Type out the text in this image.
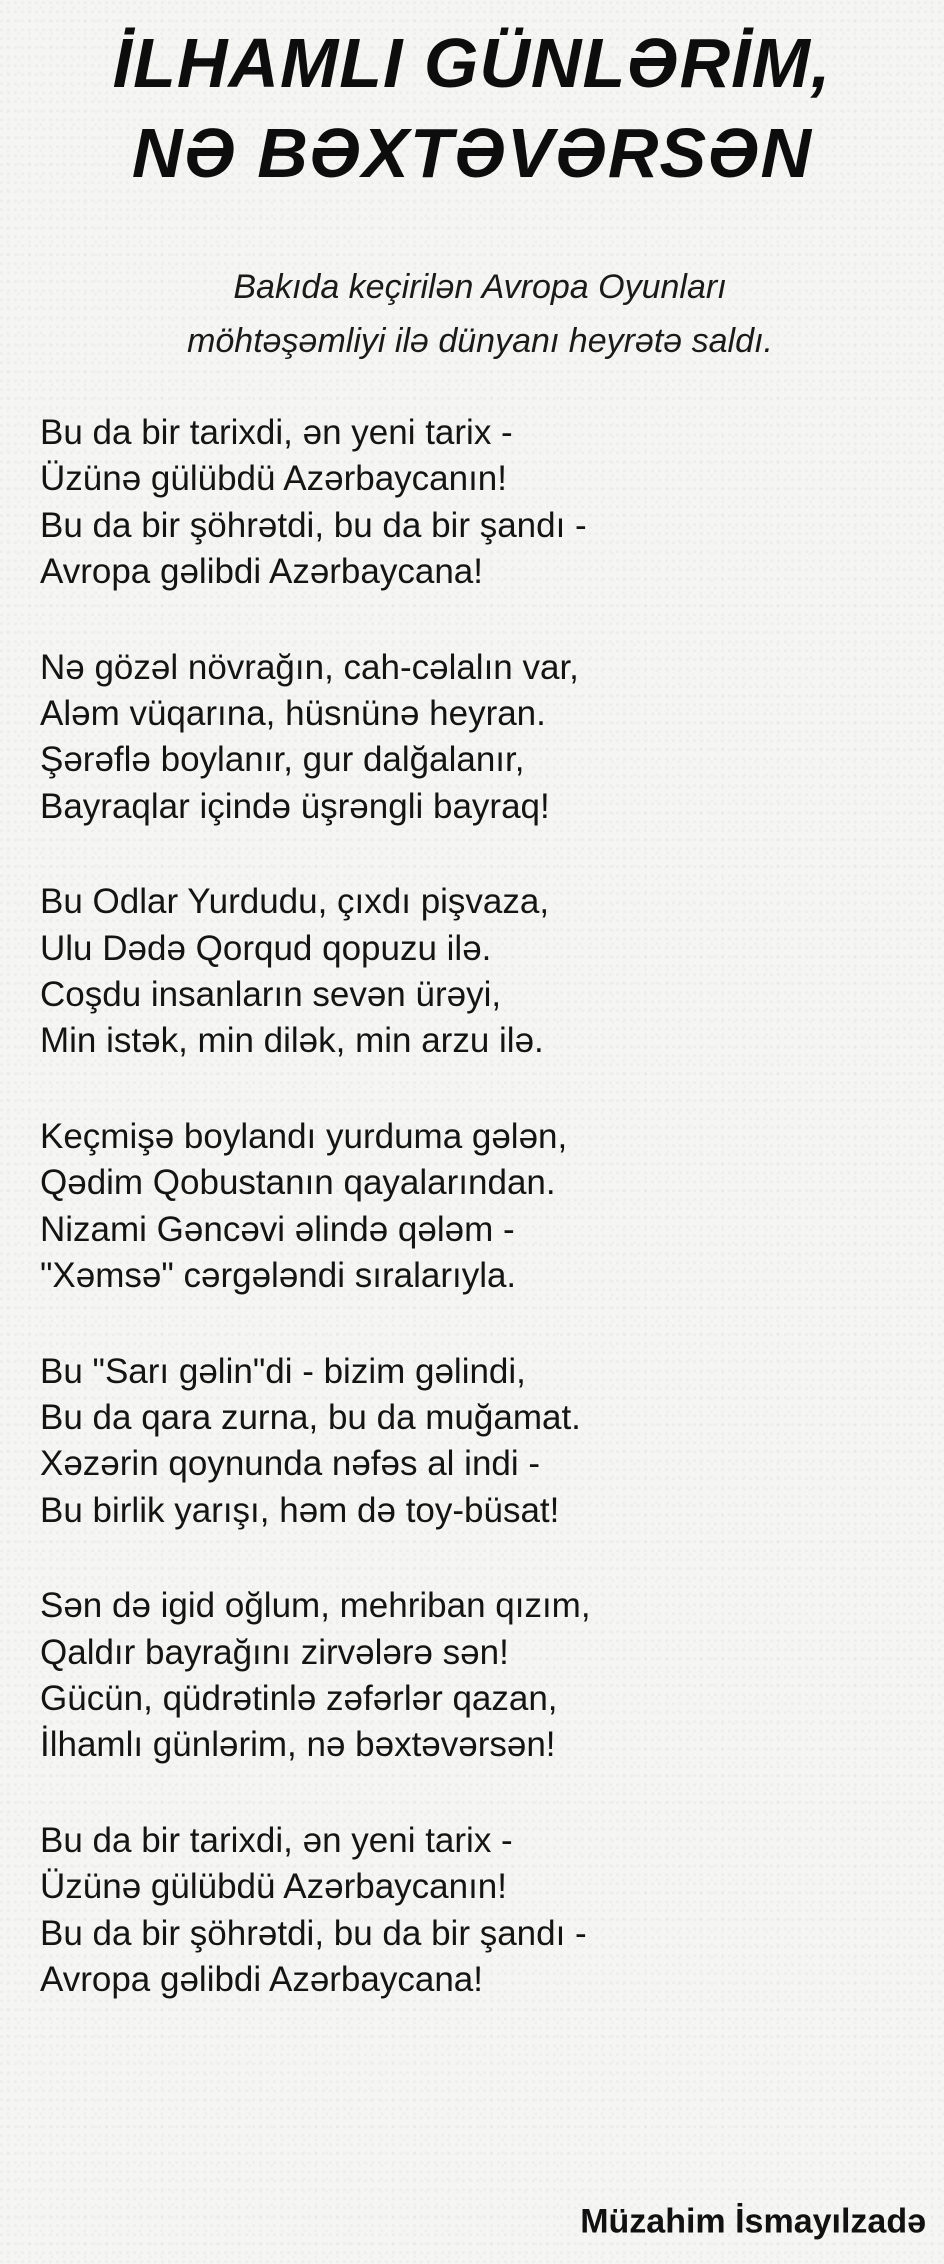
İLHAMLI GÜNLƏRİM,
NƏ BƏXTƏVƏRSƏN
Bakıda keçirilən Avropa Oyunları
möhtəşəmliyi ilə dünyanı heyrətə saldı.
Bu da bir tarixdi, ən yeni tarix -
Üzünə gülübdü Azərbaycanın!
Bu da bir şöhrətdi, bu da bir şandı -
Avropa gəlibdi Azərbaycana!
Nə gözəl növrağın, cah-cəlalın var,
Aləm vüqarına, hüsnünə heyran.
Şərəflə boylanır, gur dalğalanır,
Bayraqlar içində üşrəngli bayraq!
Bu Odlar Yurdudu, çıxdı pişvaza,
Ulu Dədə Qorqud qopuzu ilə.
Coşdu insanların sevən ürəyi,
Min istək, min dilək, min arzu ilə.
Keçmişə boylandı yurduma gələn,
Qədim Qobustanın qayalarından.
Nizami Gəncəvi əlində qələm -
"Xəmsə" cərgələndi sıralarıyla.
Bu "Sarı gəlin"di - bizim gəlindi,
Bu da qara zurna, bu da muğamat.
Xəzərin qoynunda nəfəs al indi -
Bu birlik yarışı, həm də toy-büsat!
Sən də igid oğlum, mehriban qızım,
Qaldır bayrağını zirvələrə sən!
Gücün, qüdrətinlə zəfərlər qazan,
İlhamlı günlərim, nə bəxtəvərsən!
Bu da bir tarixdi, ən yeni tarix -
Üzünə gülübdü Azərbaycanın!
Bu da bir şöhrətdi, bu da bir şandı -
Avropa gəlibdi Azərbaycana!
Müzahim İsmayılzadə
